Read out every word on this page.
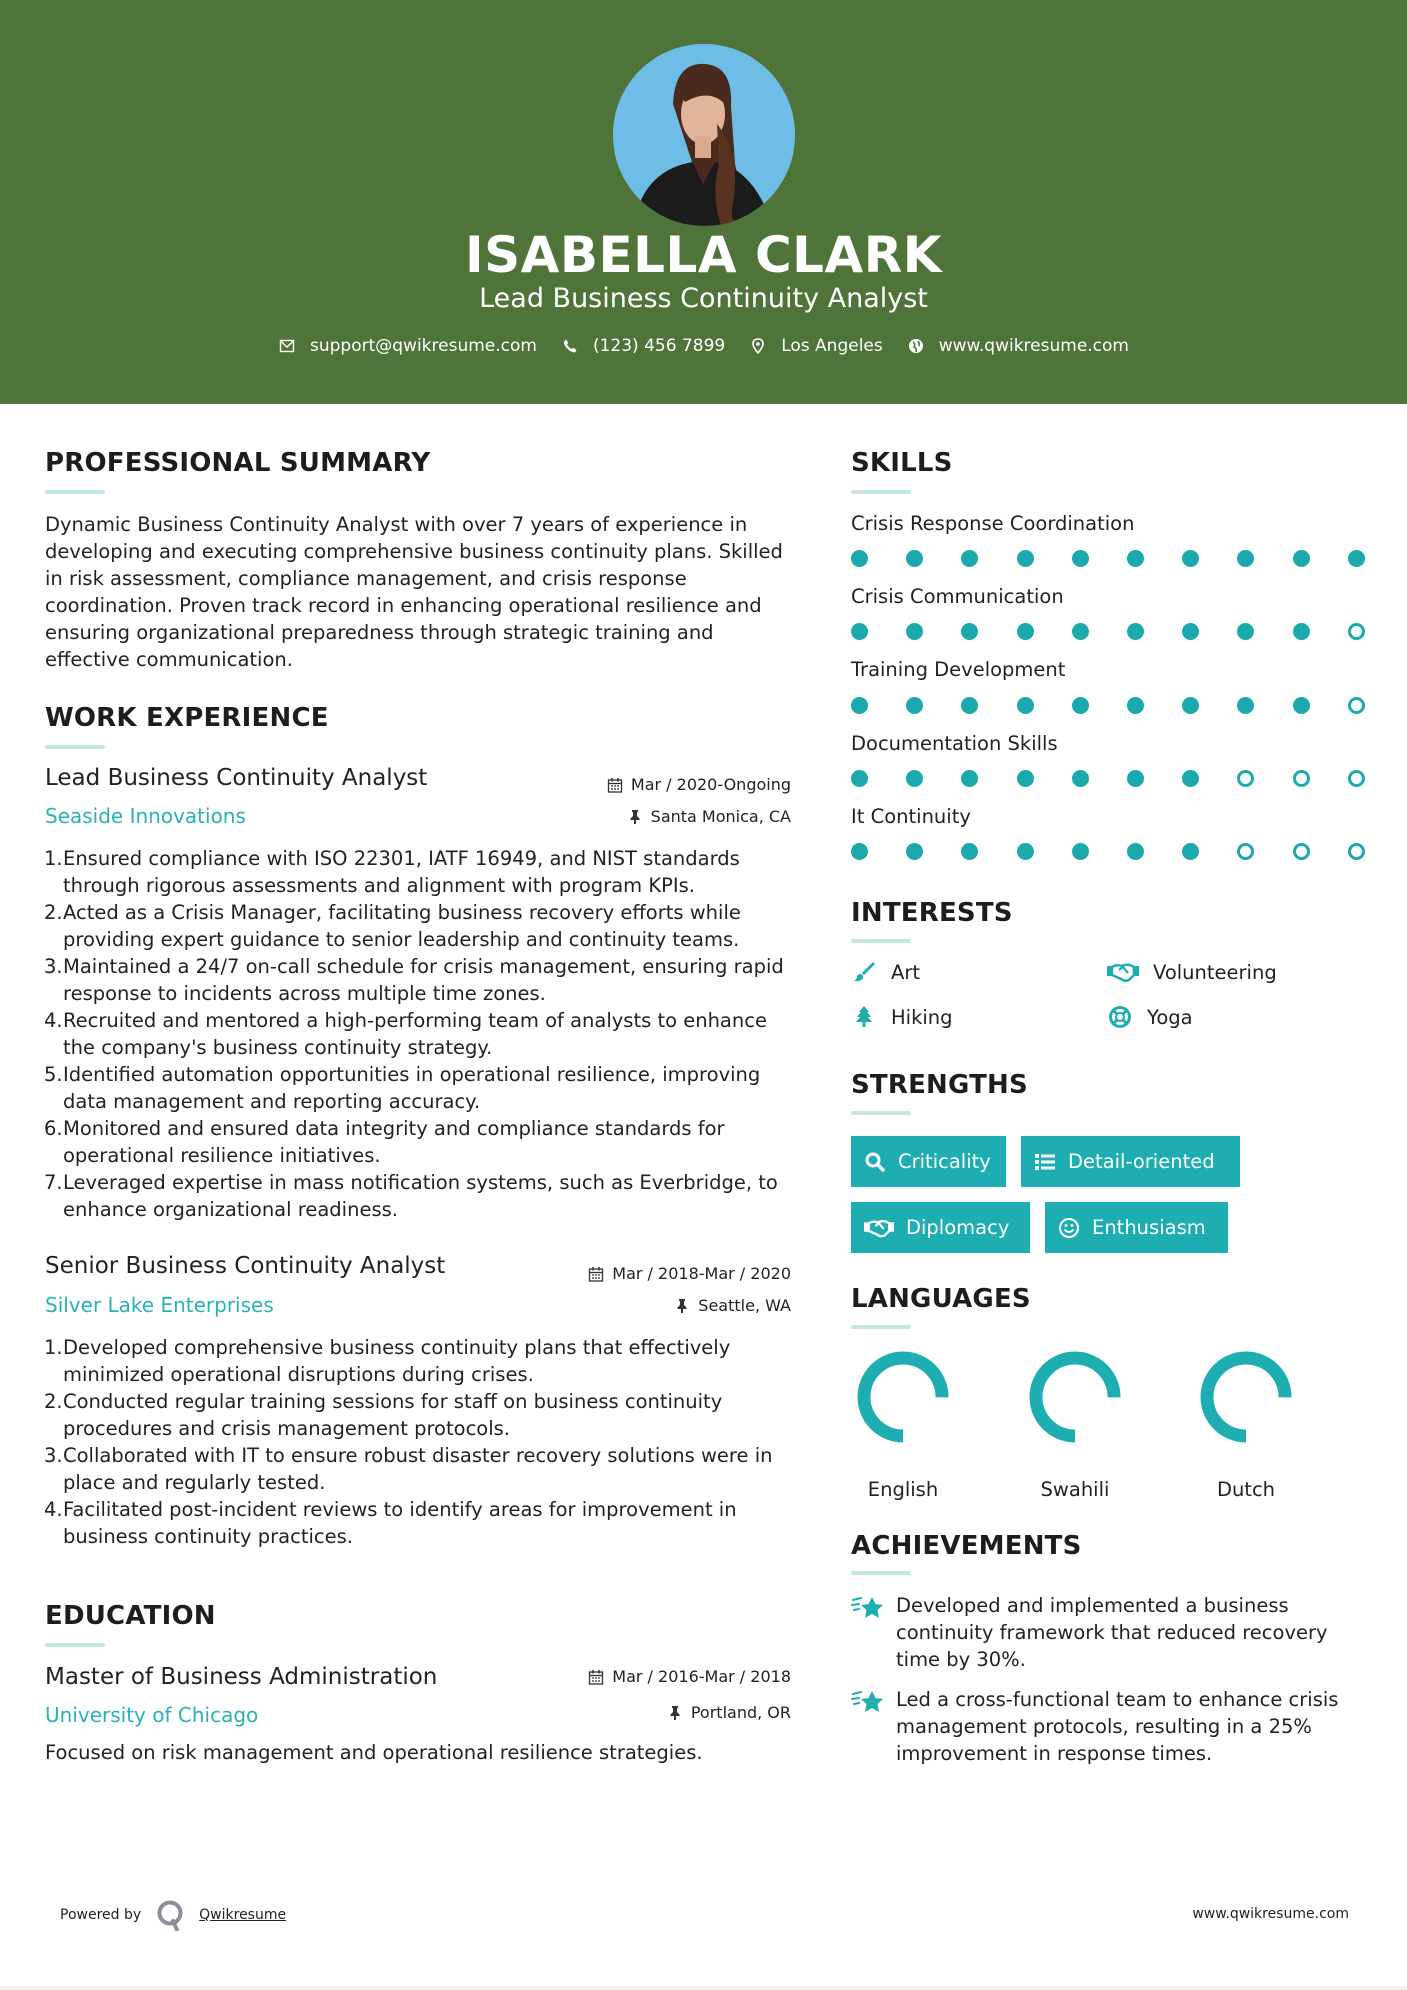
ISABELLA CLARK
Lead Business Continuity Analyst
support@qwikresume.com	(123) 456 7899	Los Angeles	www.qwikresume.com
PROFESSIONAL SUMMARY
Dynamic Business Continuity Analyst with over 7 years of experience in developing and executing comprehensive business continuity plans. Skilled in risk assessment, compliance management, and crisis response coordination. Proven track record in enhancing operational resilience and ensuring organizational preparedness through strategic training and effective communication.
WORK EXPERIENCE
Lead Business Continuity Analyst	Mar / 2020-Ongoing
Seaside Innovations	Santa Monica, CA
1. Ensured compliance with ISO 22301, IATF 16949, and NIST standards through rigorous assessments and alignment with program KPIs.
2. Acted as a Crisis Manager, facilitating business recovery efforts while providing expert guidance to senior leadership and continuity teams.
3. Maintained a 24/7 on-call schedule for crisis management, ensuring rapid response to incidents across multiple time zones.
4. Recruited and mentored a high-performing team of analysts to enhance the company's business continuity strategy.
5. Identified automation opportunities in operational resilience, improving data management and reporting accuracy.
6. Monitored and ensured data integrity and compliance standards for operational resilience initiatives.
7. Leveraged expertise in mass notification systems, such as Everbridge, to enhance organizational readiness.
Senior Business Continuity Analyst	Mar / 2018-Mar / 2020
Silver Lake Enterprises	Seattle, WA
1. Developed comprehensive business continuity plans that effectively minimized operational disruptions during crises.
2. Conducted regular training sessions for staff on business continuity procedures and crisis management protocols.
3. Collaborated with IT to ensure robust disaster recovery solutions were in place and regularly tested.
4. Facilitated post-incident reviews to identify areas for improvement in business continuity practices.
EDUCATION
Master of Business Administration	Mar / 2016-Mar / 2018
University of Chicago	Portland, OR
Focused on risk management and operational resilience strategies.
SKILLS
Crisis Response Coordination
Crisis Communication
Training Development
Documentation Skills
It Continuity
INTERESTS
Art	Volunteering
Hiking	Yoga
STRENGTHS
Criticality	Detail-oriented
Diplomacy	Enthusiasm
LANGUAGES
English	Swahili	Dutch
ACHIEVEMENTS
Developed and implemented a business continuity framework that reduced recovery time by 30%.
Led a cross-functional team to enhance crisis management protocols, resulting in a 25% improvement in response times.
Powered by	Qwikresume	www.qwikresume.com
